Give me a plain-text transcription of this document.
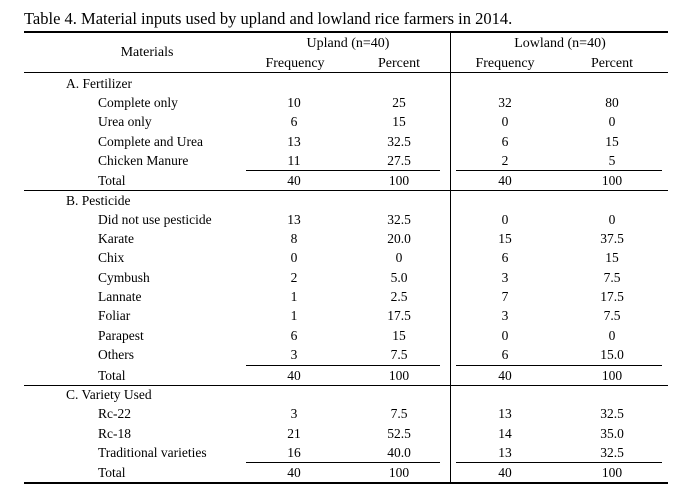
Table 4. Material inputs used by upland and lowland rice farmers in 2014.
Materials
Upland (n=40)	Lowland (n=40)
Frequency	Percent	Frequency	Percent
A. Fertilizer
Complete only	10	25	32	80
Urea only	6	15	0	0
Complete and Urea	13	32.5	6	15
Chicken Manure	11	27.5	2	5
Total	40	100	40	100
B. Pesticide
Did not use pesticide	13	32.5	0	0
Karate	8	20.0	15	37.5
Chix	0	0	6	15
Cymbush	2	5.0	3	7.5
Lannate	1	2.5	7	17.5
Foliar	1	17.5	3	7.5
Parapest	6	15	0	0
Others	3	7.5	6	15.0
Total	40	100	40	100
C. Variety Used
Rc-22	3	7.5	13	32.5
Rc-18	21	52.5	14	35.0
Traditional varieties	16	40.0	13	32.5
Total	40	100	40	100
